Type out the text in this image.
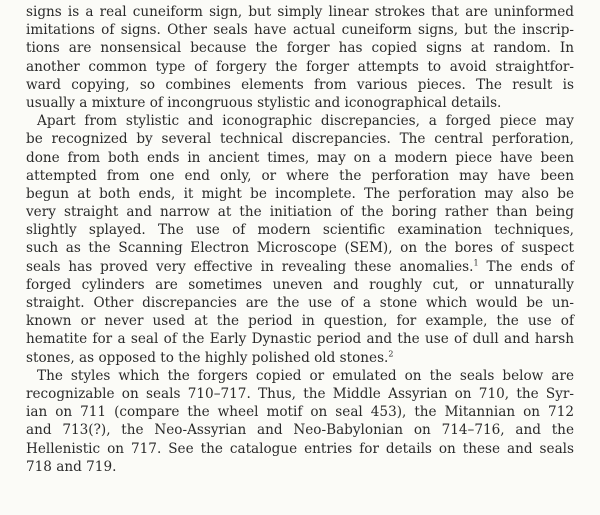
signs is a real cuneiform sign, but simply linear strokes that are uninformed
imitations of signs. Other seals have actual cuneiform signs, but the inscrip-
tions are nonsensical because the forger has copied signs at random. In
another common type of forgery the forger attempts to avoid straightfor-
ward copying, so combines elements from various pieces. The result is
usually a mixture of incongruous stylistic and iconographical details.
Apart from stylistic and iconographic discrepancies, a forged piece may
be recognized by several technical discrepancies. The central perforation,
done from both ends in ancient times, may on a modern piece have been
attempted from one end only, or where the perforation may have been
begun at both ends, it might be incomplete. The perforation may also be
very straight and narrow at the initiation of the boring rather than being
slightly splayed. The use of modern scientific examination techniques,
such as the Scanning Electron Microscope (SEM), on the bores of suspect
seals has proved very effective in revealing these anomalies.$^1$ The ends of
forged cylinders are sometimes uneven and roughly cut, or unnaturally
straight. Other discrepancies are the use of a stone which would be un-
known or never used at the period in question, for example, the use of
hematite for a seal of the Early Dynastic period and the use of dull and harsh
stones, as opposed to the highly polished old stones.$^2$
The styles which the forgers copied or emulated on the seals below are
recognizable on seals 710–717. Thus, the Middle Assyrian on 710, the Syr-
ian on 711 (compare the wheel motif on seal 453), the Mitannian on 712
and 713(?), the Neo-Assyrian and Neo-Babylonian on 714–716, and the
Hellenistic on 717. See the catalogue entries for details on these and seals
718 and 719.
